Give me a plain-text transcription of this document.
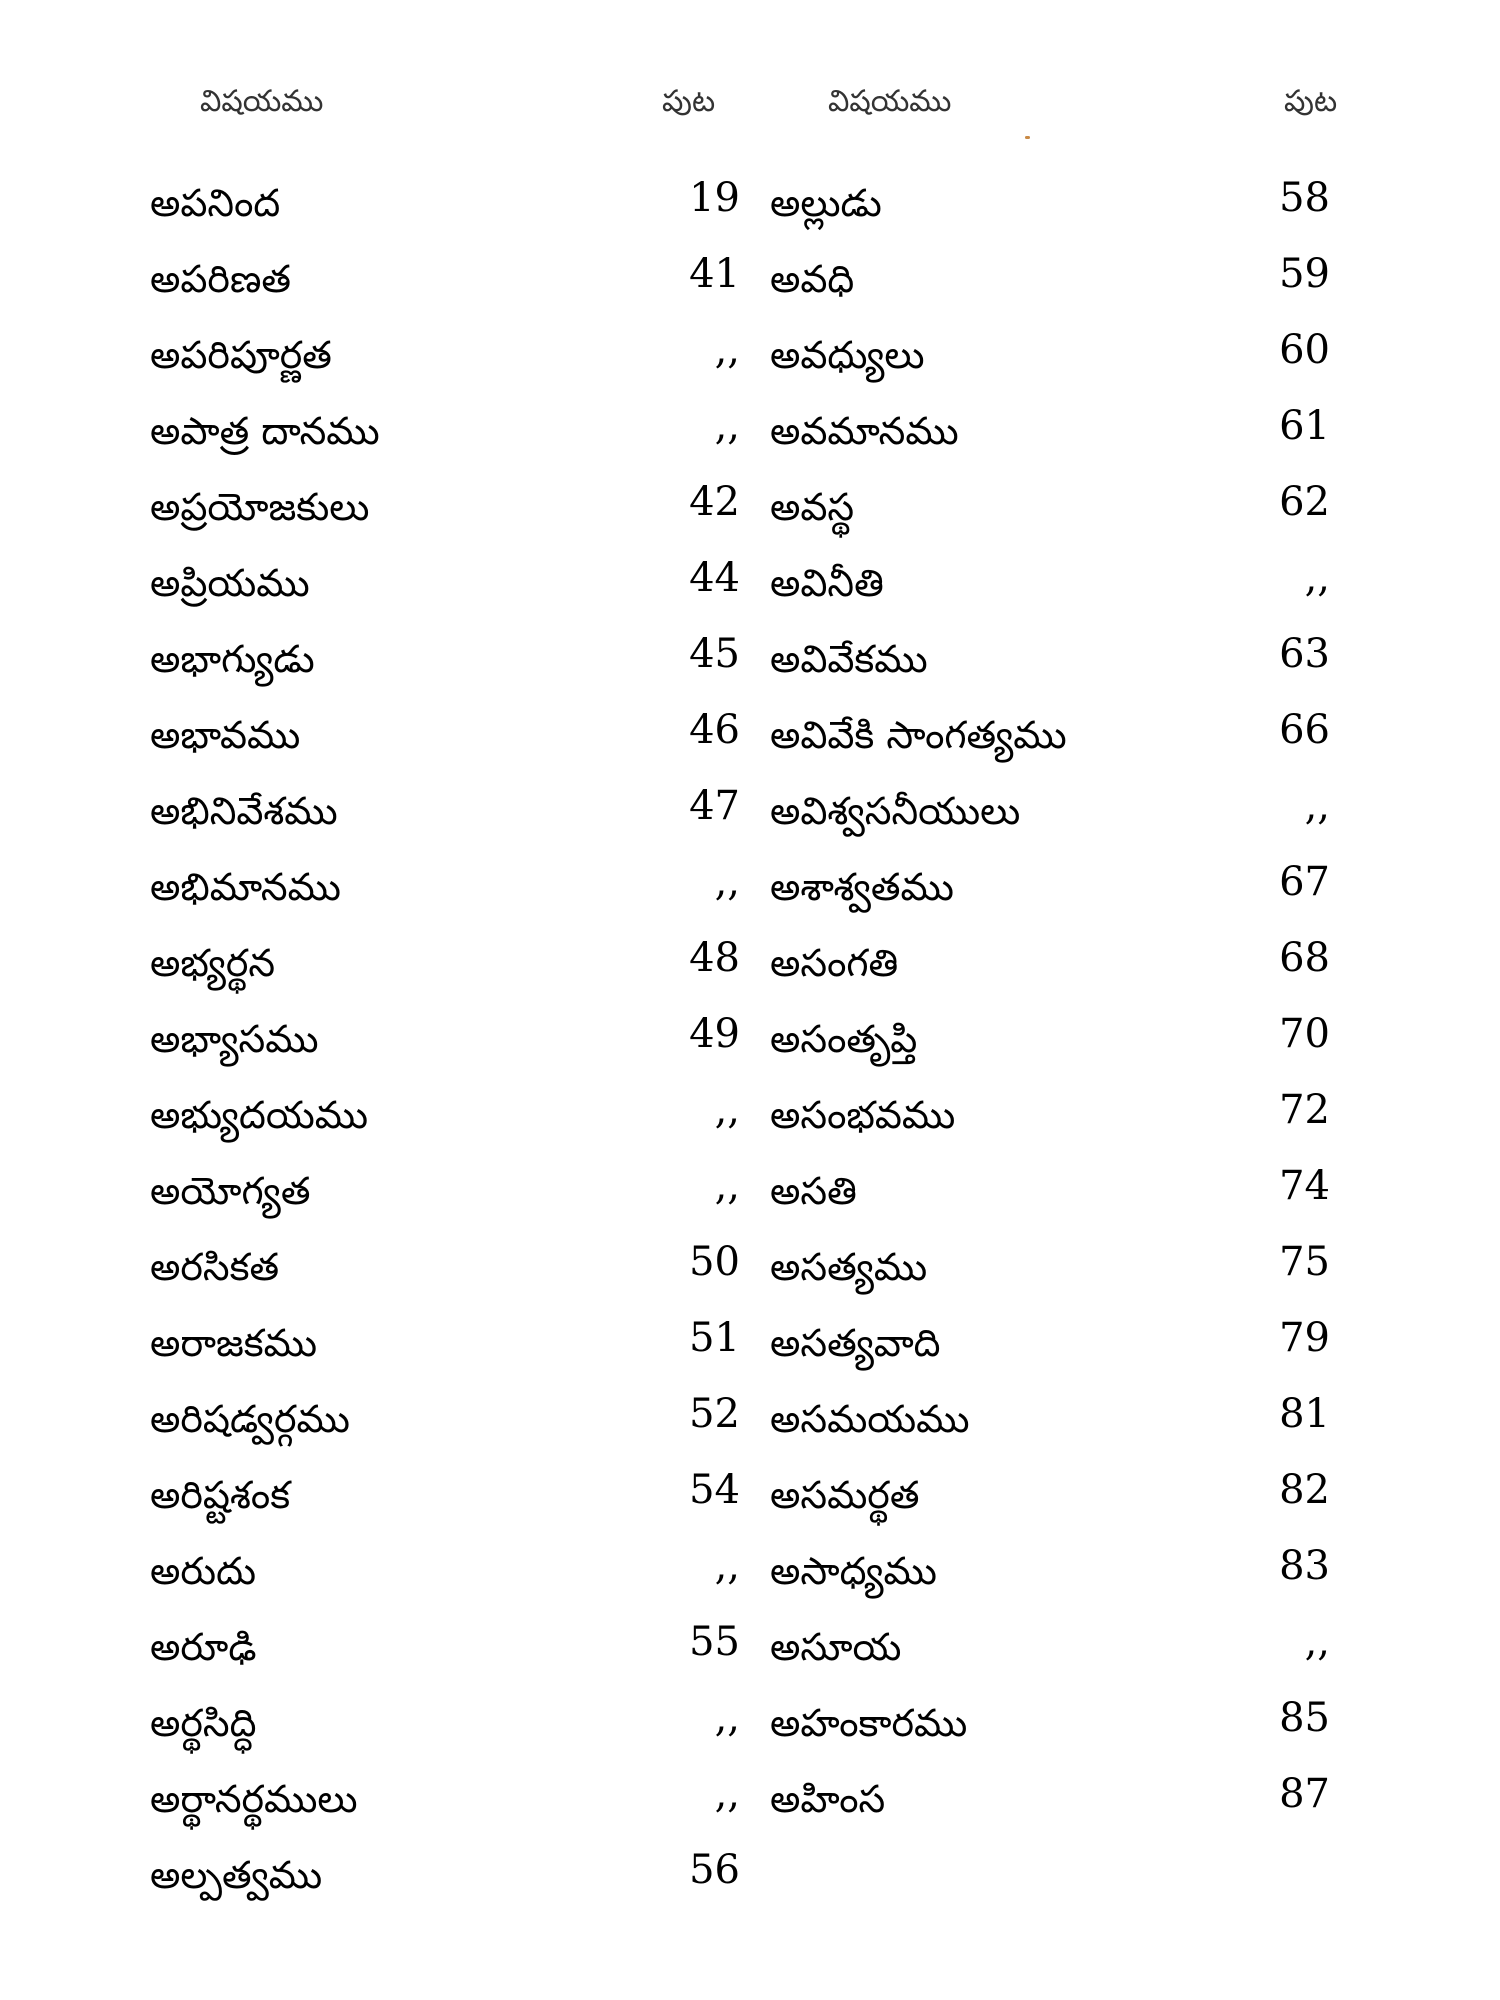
విషయము	పుట	విషయము	పుట
అపనింద	19
అపరిణత	41
అపరిపూర్ణత	,,
అపాత్ర దానము	,,
అప్రయోజకులు	42
అప్రియము	44
అభాగ్యుడు	45
అభావము	46
అభినివేశము	47
అభిమానము	,,
అభ్యర్థన	48
అభ్యాసము	49
అభ్యుదయము	,,
అయోగ్యత	,,
అరసికత	50
అరాజకము	51
అరిషడ్వర్గము	52
అరిష్టశంక	54
అరుదు	,,
అరూఢి	55
అర్థసిద్ధి	,,
అర్థానర్థములు	,,
అల్పత్వము	56
అల్లుడు	58
అవధి	59
అవధ్యులు	60
అవమానము	61
అవస్థ	62
అవినీతి	,,
అవివేకము	63
అవివేకి సాంగత్యము	66
అవిశ్వసనీయులు	,,
అశాశ్వతము	67
అసంగతి	68
అసంతృప్తి	70
అసంభవము	72
అసతి	74
అసత్యము	75
అసత్యవాది	79
అసమయము	81
అసమర్థత	82
అసాధ్యము	83
అసూయ	,,
అహంకారము	85
అహింస	87
